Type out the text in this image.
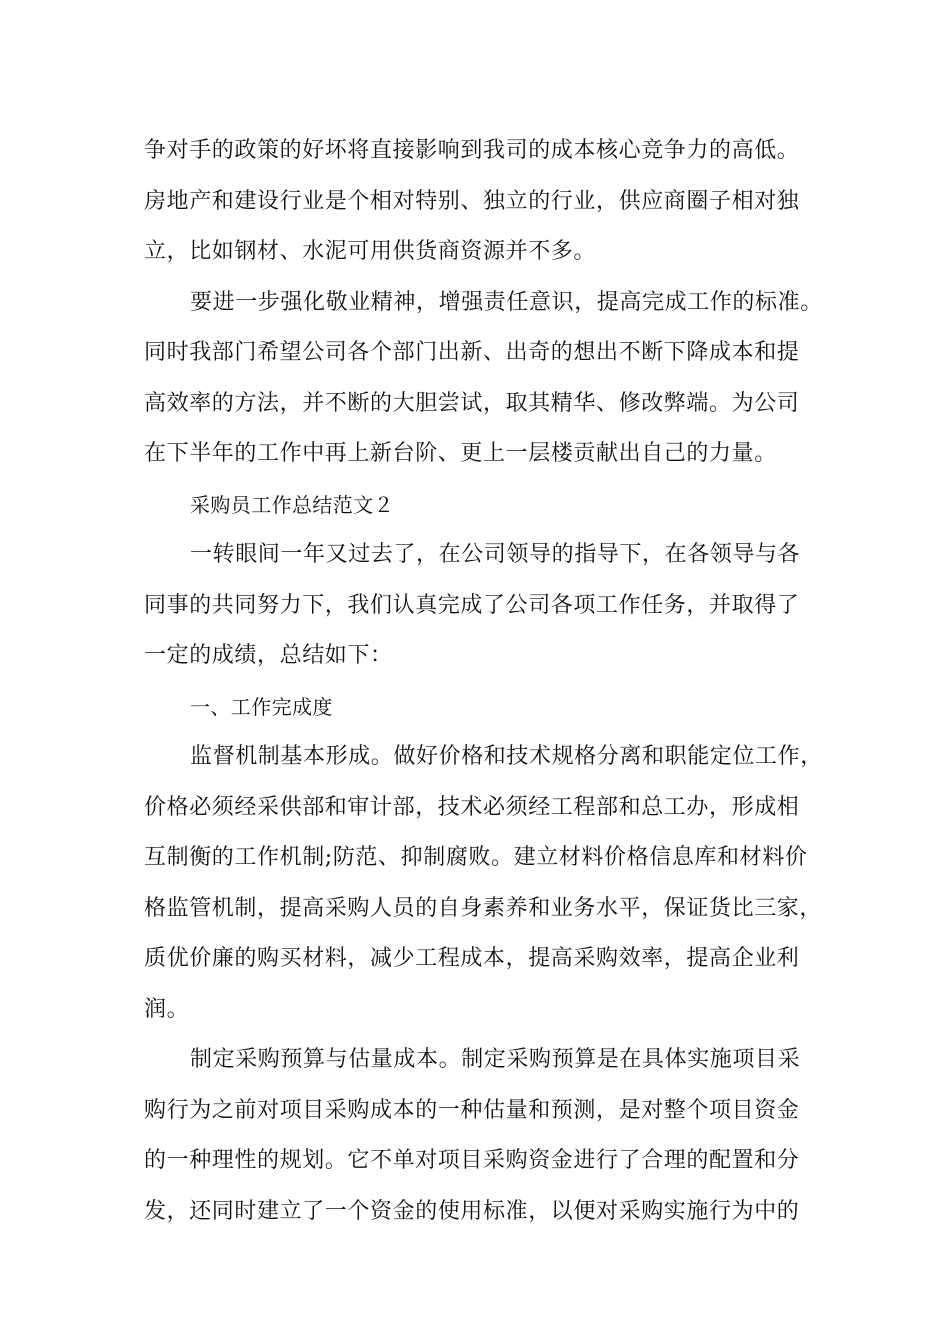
争对手的政策的好坏将直接影响到我司的成本核心竞争力的高低。
房地产和建设行业是个相对特别、独立的行业，供应商圈子相对独
立，比如钢材、水泥可用供货商资源并不多。
要进一步强化敬业精神，增强责任意识，提高完成工作的标准。
同时我部门希望公司各个部门出新、出奇的想出不断下降成本和提
高效率的方法，并不断的大胆尝试，取其精华、修改弊端。为公司
在下半年的工作中再上新台阶、更上一层楼贡献出自己的力量。
采购员工作总结范文２
一转眼间一年又过去了，在公司领导的指导下，在各领导与各
同事的共同努力下，我们认真完成了公司各项工作任务，并取得了
一定的成绩，总结如下：
一、工作完成度
监督机制基本形成。做好价格和技术规格分离和职能定位工作，
价格必须经采供部和审计部，技术必须经工程部和总工办，形成相
互制衡的工作机制;防范、抑制腐败。建立材料价格信息库和材料价
格监管机制，提高采购人员的自身素养和业务水平，保证货比三家，
质优价廉的购买材料，减少工程成本，提高采购效率，提高企业利
润。
制定采购预算与估量成本。制定采购预算是在具体实施项目采
购行为之前对项目采购成本的一种估量和预测，是对整个项目资金
的一种理性的规划。它不单对项目采购资金进行了合理的配置和分
发，还同时建立了一个资金的使用标准，以便对采购实施行为中的
